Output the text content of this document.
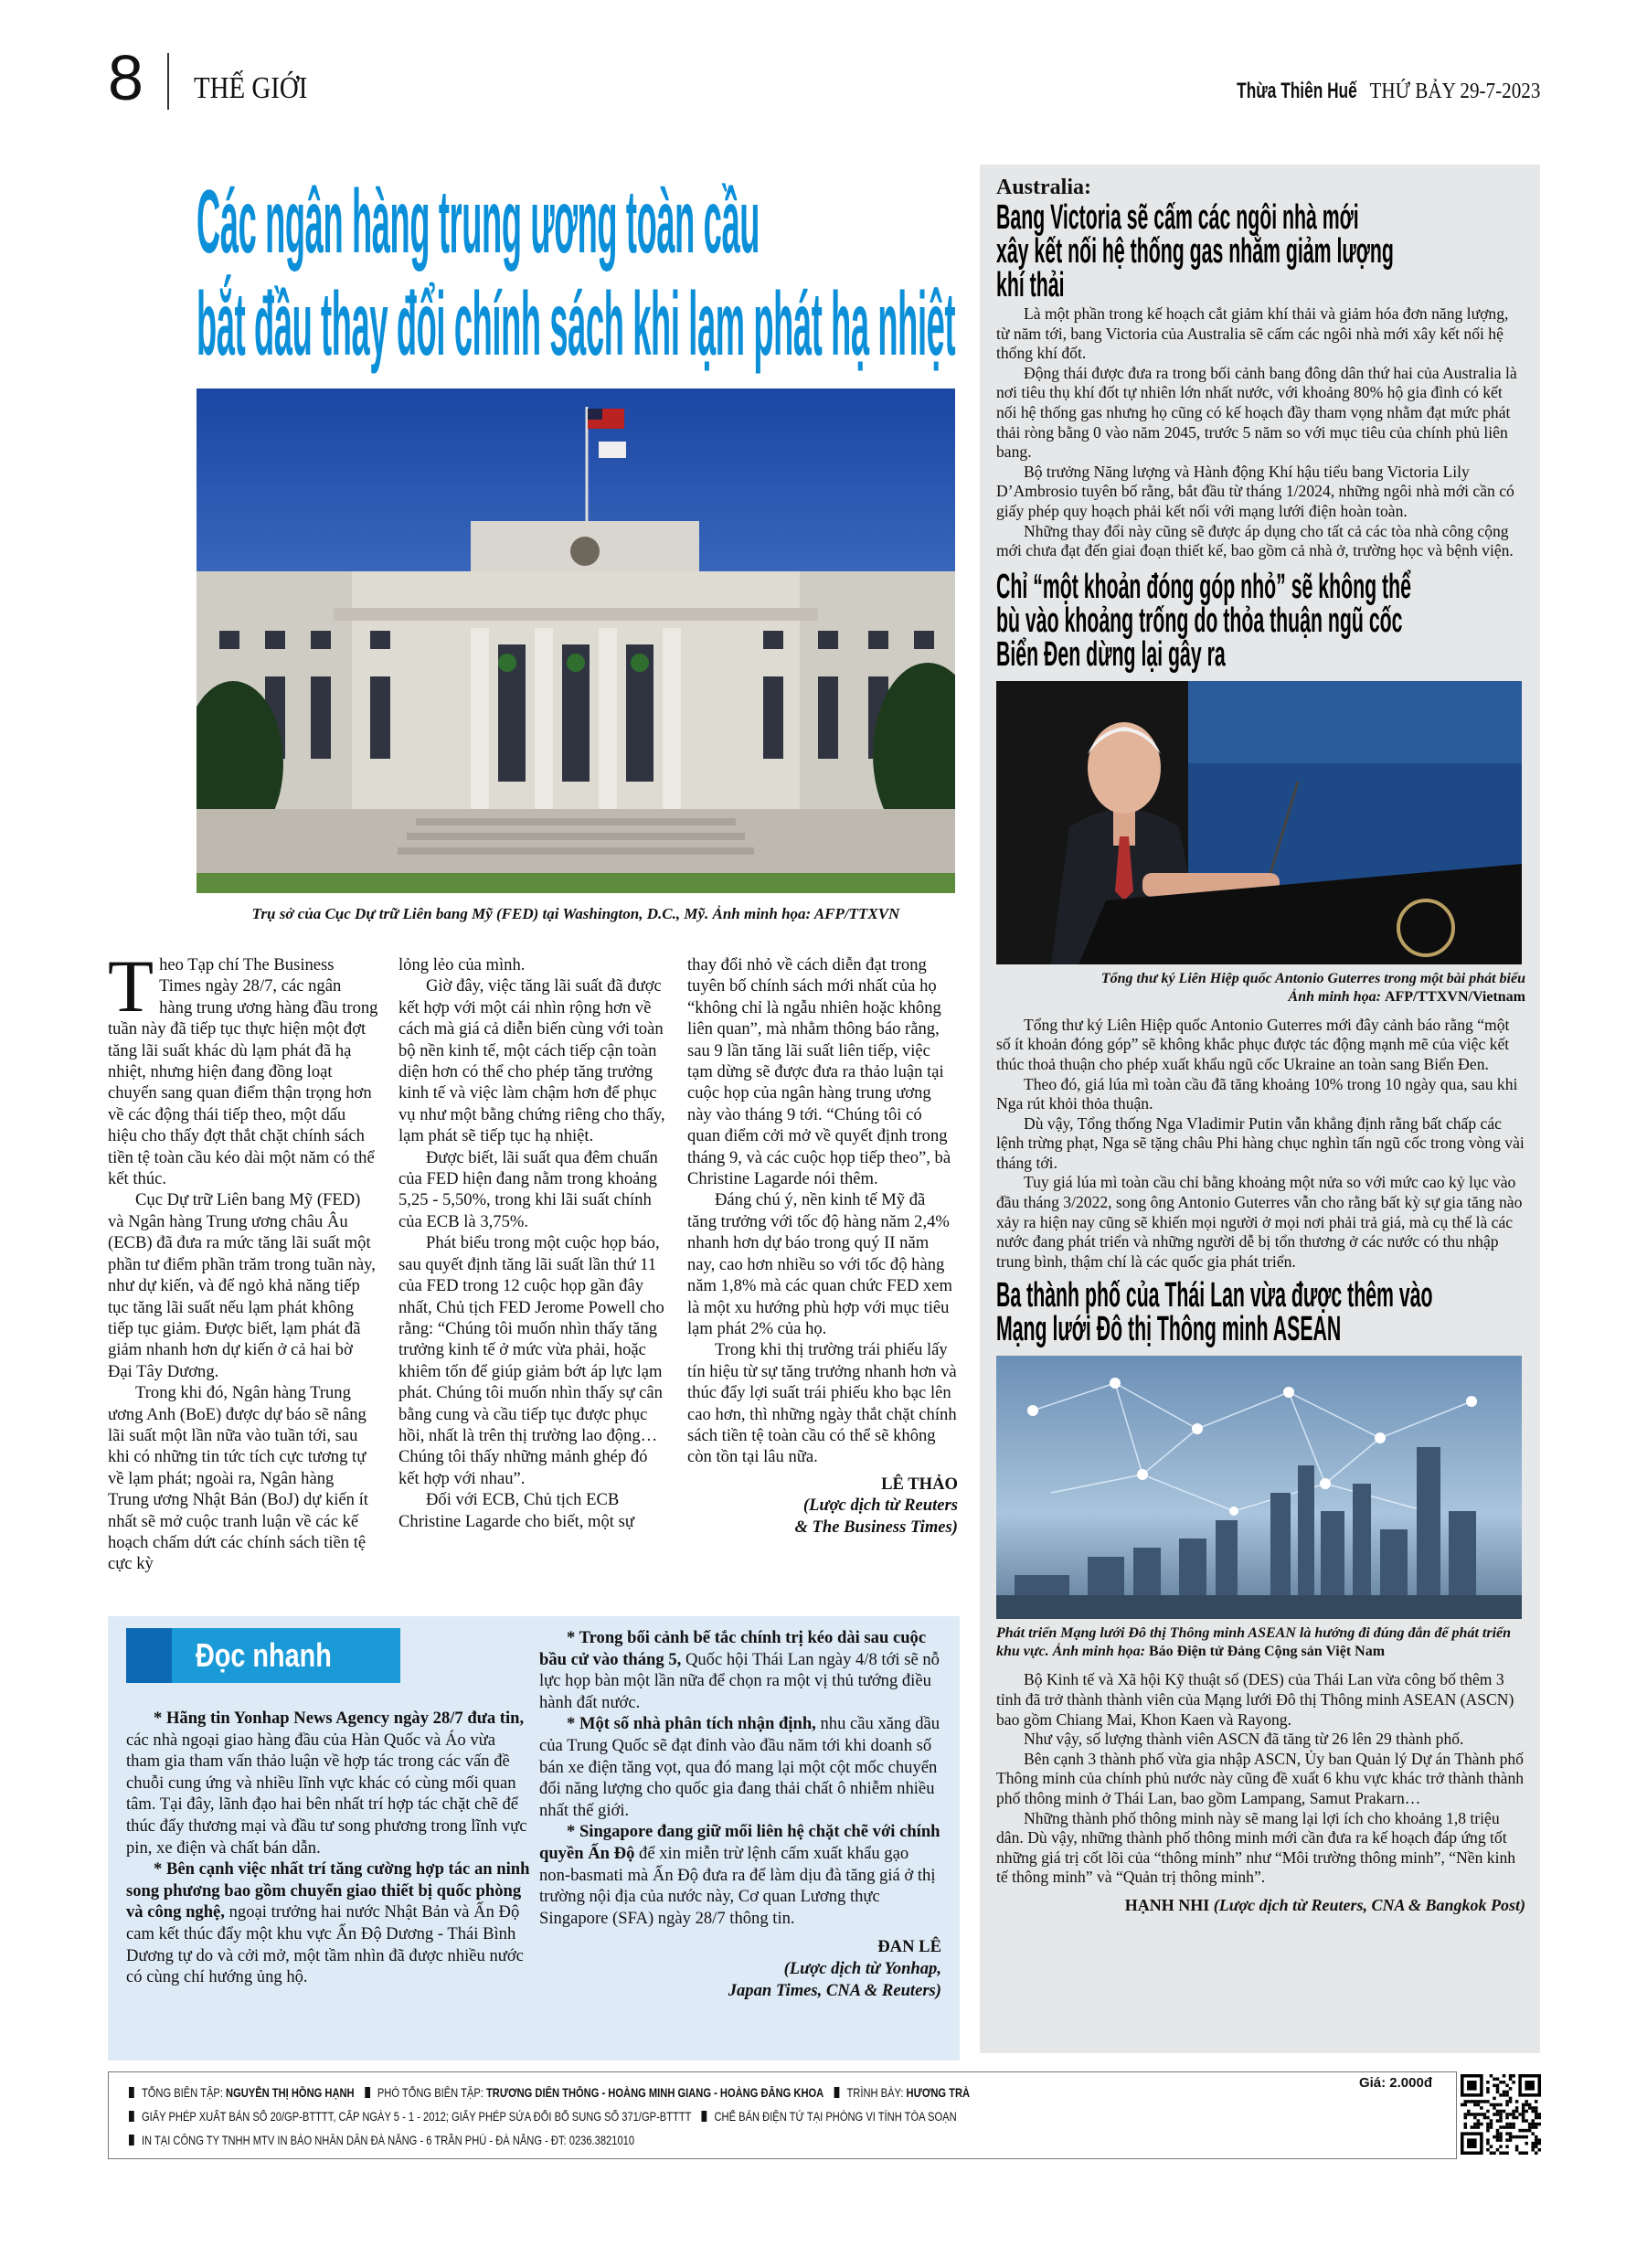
8 THẾ GIỚI	Thừa Thiên Huế THỨ BẢY 29-7-2023
Các ngân hàng trung ương toàn cầu
bắt đầu thay đổi chính sách khi lạm phát hạ nhiệt
Trụ sở của Cục Dự trữ Liên bang Mỹ (FED) tại Washington, D.C., Mỹ. Ảnh minh họa: AFP/TTXVN

Theo Tạp chí The Business Times ngày 28/7, các ngân hàng trung ương hàng đầu trong tuần này đã tiếp tục thực hiện một đợt tăng lãi suất khác dù lạm phát đã hạ nhiệt, nhưng hiện đang đồng loạt chuyển sang quan điểm thận trọng hơn về các động thái tiếp theo, một dấu hiệu cho thấy đợt thắt chặt chính sách tiền tệ toàn cầu kéo dài một năm có thể kết thúc.

Cục Dự trữ Liên bang Mỹ (FED) và Ngân hàng Trung ương châu Âu (ECB) đã đưa ra mức tăng lãi suất một phần tư điểm phần trăm trong tuần này, như dự kiến, và để ngỏ khả năng tiếp tục tăng lãi suất nếu lạm phát không tiếp tục giảm. Được biết, lạm phát đã giảm nhanh hơn dự kiến ở cả hai bờ Đại Tây Dương.

Trong khi đó, Ngân hàng Trung ương Anh (BoE) được dự báo sẽ nâng lãi suất một lần nữa vào tuần tới, sau khi có những tin tức tích cực tương tự về lạm phát; ngoài ra, Ngân hàng Trung ương Nhật Bản (BoJ) dự kiến ít nhất sẽ mở cuộc tranh luận về các kế hoạch chấm dứt các chính sách tiền tệ cực kỳ

lỏng lẻo của mình.

Giờ đây, việc tăng lãi suất đã được kết hợp với một cái nhìn rộng hơn về cách mà giá cả diễn biến cùng với toàn bộ nền kinh tế, một cách tiếp cận toàn diện hơn có thể cho phép tăng trưởng kinh tế và việc làm chậm hơn để phục vụ như một bằng chứng riêng cho thấy, lạm phát sẽ tiếp tục hạ nhiệt.

Được biết, lãi suất qua đêm chuẩn của FED hiện đang nằm trong khoảng 5,25 - 5,50%, trong khi lãi suất chính của ECB là 3,75%.

Phát biểu trong một cuộc họp báo, sau quyết định tăng lãi suất lần thứ 11 của FED trong 12 cuộc họp gần đây nhất, Chủ tịch FED Jerome Powell cho rằng: “Chúng tôi muốn nhìn thấy tăng trưởng kinh tế ở mức vừa phải, hoặc khiêm tốn để giúp giảm bớt áp lực lạm phát. Chúng tôi muốn nhìn thấy sự cân bằng cung và cầu tiếp tục được phục hồi, nhất là trên thị trường lao động… Chúng tôi thấy những mảnh ghép đó kết hợp với nhau”.

Đối với ECB, Chủ tịch ECB Christine Lagarde cho biết, một sự

thay đổi nhỏ về cách diễn đạt trong tuyên bố chính sách mới nhất của họ “không chỉ là ngẫu nhiên hoặc không liên quan”, mà nhằm thông báo rằng, sau 9 lần tăng lãi suất liên tiếp, việc tạm dừng sẽ được đưa ra thảo luận tại cuộc họp của ngân hàng trung ương này vào tháng 9 tới. “Chúng tôi có quan điểm cởi mở về quyết định trong tháng 9, và các cuộc họp tiếp theo”, bà Christine Lagarde nói thêm.

Đáng chú ý, nền kinh tế Mỹ đã tăng trưởng với tốc độ hàng năm 2,4% nhanh hơn dự báo trong quý II năm nay, cao hơn nhiều so với tốc độ hàng năm 1,8% mà các quan chức FED xem là một xu hướng phù hợp với mục tiêu lạm phát 2% của họ.

Trong khi thị trường trái phiếu lấy tín hiệu từ sự tăng trưởng nhanh hơn và thúc đẩy lợi suất trái phiếu kho bạc lên cao hơn, thì những ngày thắt chặt chính sách tiền tệ toàn cầu có thể sẽ không còn tồn tại lâu nữa.

LÊ THẢO
(Lược dịch từ Reuters
& The Business Times)
Australia:
Bang Victoria sẽ cấm các ngôi nhà mới
xây kết nối hệ thống gas nhằm giảm lượng
khí thải

Là một phần trong kế hoạch cắt giảm khí thải và giảm hóa đơn năng lượng, từ năm tới, bang Victoria của Australia sẽ cấm các ngôi nhà mới xây kết nối hệ thống khí đốt.

Động thái được đưa ra trong bối cảnh bang đông dân thứ hai của Australia là nơi tiêu thụ khí đốt tự nhiên lớn nhất nước, với khoảng 80% hộ gia đình có kết nối hệ thống gas nhưng họ cũng có kế hoạch đầy tham vọng nhằm đạt mức phát thải ròng bằng 0 vào năm 2045, trước 5 năm so với mục tiêu của chính phủ liên bang.

Bộ trưởng Năng lượng và Hành động Khí hậu tiểu bang Victoria Lily D’Ambrosio tuyên bố rằng, bắt đầu từ tháng 1/2024, những ngôi nhà mới cần có giấy phép quy hoạch phải kết nối với mạng lưới điện hoàn toàn.

Những thay đổi này cũng sẽ được áp dụng cho tất cả các tòa nhà công cộng mới chưa đạt đến giai đoạn thiết kế, bao gồm cả nhà ở, trường học và bệnh viện.

Chỉ “một khoản đóng góp nhỏ” sẽ không thể
bù vào khoảng trống do thỏa thuận ngũ cốc
Biển Đen dừng lại gây ra
Tổng thư ký Liên Hiệp quốc Antonio Guterres trong một bài phát biểu
Ảnh minh họa: AFP/TTXVN/Vietnam

Tổng thư ký Liên Hiệp quốc Antonio Guterres mới đây cảnh báo rằng “một số ít khoản đóng góp” sẽ không khắc phục được tác động mạnh mẽ của việc kết thúc thoả thuận cho phép xuất khẩu ngũ cốc Ukraine an toàn sang Biển Đen.

Theo đó, giá lúa mì toàn cầu đã tăng khoảng 10% trong 10 ngày qua, sau khi Nga rút khỏi thỏa thuận.

Dù vậy, Tổng thống Nga Vladimir Putin vẫn khẳng định rằng bất chấp các lệnh trừng phạt, Nga sẽ tặng châu Phi hàng chục nghìn tấn ngũ cốc trong vòng vài tháng tới.

Tuy giá lúa mì toàn cầu chỉ bằng khoảng một nửa so với mức cao kỷ lục vào đầu tháng 3/2022, song ông Antonio Guterres vẫn cho rằng bất kỳ sự gia tăng nào xảy ra hiện nay cũng sẽ khiến mọi người ở mọi nơi phải trả giá, mà cụ thể là các nước đang phát triển và những người dễ bị tổn thương ở các nước có thu nhập trung bình, thậm chí là các quốc gia phát triển.

Ba thành phố của Thái Lan vừa được thêm vào
Mạng lưới Đô thị Thông minh ASEAN
Phát triển Mạng lưới Đô thị Thông minh ASEAN là hướng đi đúng đắn để phát triển khu vực. Ảnh minh họa: Báo Điện tử Đảng Cộng sản Việt Nam

Bộ Kinh tế và Xã hội Kỹ thuật số (DES) của Thái Lan vừa công bố thêm 3 tỉnh đã trở thành thành viên của Mạng lưới Đô thị Thông minh ASEAN (ASCN) bao gồm Chiang Mai, Khon Kaen và Rayong.

Như vậy, số lượng thành viên ASCN đã tăng từ 26 lên 29 thành phố.

Bên cạnh 3 thành phố vừa gia nhập ASCN, Ủy ban Quản lý Dự án Thành phố Thông minh của chính phủ nước này cũng đề xuất 6 khu vực khác trở thành thành phố thông minh ở Thái Lan, bao gồm Lampang, Samut Prakarn…

Những thành phố thông minh này sẽ mang lại lợi ích cho khoảng 1,8 triệu dân. Dù vậy, những thành phố thông minh mới cần đưa ra kế hoạch đáp ứng tốt những giá trị cốt lõi của “thông minh” như “Môi trường thông minh”, “Nền kinh tế thông minh” và “Quản trị thông minh”.

HẠNH NHI (Lược dịch từ Reuters, CNA & Bangkok Post)
Đọc nhanh

* Hãng tin Yonhap News Agency ngày 28/7 đưa tin, các nhà ngoại giao hàng đầu của Hàn Quốc và Áo vừa tham gia tham vấn thảo luận về hợp tác trong các vấn đề chuỗi cung ứng và nhiều lĩnh vực khác có cùng mối quan tâm. Tại đây, lãnh đạo hai bên nhất trí hợp tác chặt chẽ để thúc đẩy thương mại và đầu tư song phương trong lĩnh vực pin, xe điện và chất bán dẫn.

* Bên cạnh việc nhất trí tăng cường hợp tác an ninh song phương bao gồm chuyển giao thiết bị quốc phòng và công nghệ, ngoại trưởng hai nước Nhật Bản và Ấn Độ cam kết thúc đẩy một khu vực Ấn Độ Dương - Thái Bình Dương tự do và cởi mở, một tầm nhìn đã được nhiều nước có cùng chí hướng ủng hộ.

* Trong bối cảnh bế tắc chính trị kéo dài sau cuộc bầu cử vào tháng 5, Quốc hội Thái Lan ngày 4/8 tới sẽ nỗ lực họp bàn một lần nữa để chọn ra một vị thủ tướng điều hành đất nước.

* Một số nhà phân tích nhận định, nhu cầu xăng dầu của Trung Quốc sẽ đạt đỉnh vào đầu năm tới khi doanh số bán xe điện tăng vọt, qua đó mang lại một cột mốc chuyển đổi năng lượng cho quốc gia đang thải chất ô nhiễm nhiều nhất thế giới.

* Singapore đang giữ mối liên hệ chặt chẽ với chính quyền Ấn Độ để xin miễn trừ lệnh cấm xuất khẩu gạo non-basmati mà Ấn Độ đưa ra để làm dịu đà tăng giá ở thị trường nội địa của nước này, Cơ quan Lương thực Singapore (SFA) ngày 28/7 thông tin.

ĐAN LÊ
(Lược dịch từ Yonhap,
Japan Times, CNA & Reuters)
TỔNG BIÊN TẬP: NGUYỄN THỊ HỒNG HẠNH PHÓ TỔNG BIÊN TẬP: TRƯƠNG DIÊN THỐNG - HOÀNG MINH GIANG - HOÀNG ĐĂNG KHOA TRÌNH BÀY: HƯƠNG TRÀ
GIẤY PHÉP XUẤT BẢN SỐ 20/GP-BTTTT, CẤP NGÀY 5 - 1 - 2012; GIẤY PHÉP SỬA ĐỔI BỔ SUNG SỐ 371/GP-BTTTT CHẾ BẢN ĐIỆN TỬ TẠI PHÒNG VI TÍNH TÒA SOẠN
IN TẠI CÔNG TY TNHH MTV IN BÁO NHÂN DÂN ĐÀ NẴNG - 6 TRẦN PHÚ - ĐÀ NẴNG - ĐT: 0236.3821010
Giá: 2.000đ
